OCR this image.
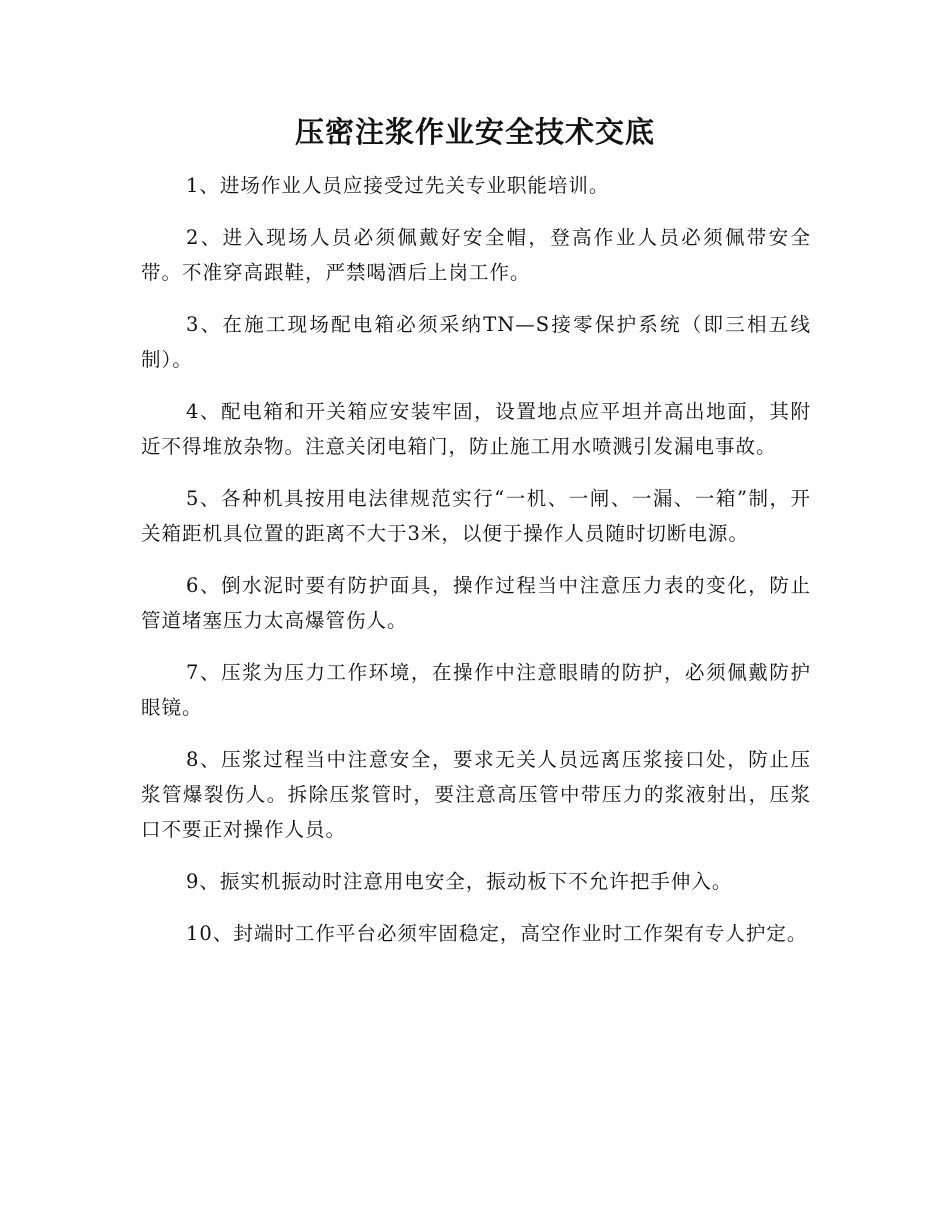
压密注浆作业安全技术交底

1、进场作业人员应接受过先关专业职能培训。

2、进入现场人员必须佩戴好安全帽，登高作业人员必须佩带安全带。不准穿高跟鞋，严禁喝酒后上岗工作。

3、在施工现场配电箱必须采纳TN—S接零保护系统（即三相五线制）。

4、配电箱和开关箱应安装牢固，设置地点应平坦并高出地面，其附近不得堆放杂物。注意关闭电箱门，防止施工用水喷溅引发漏电事故。

5、各种机具按用电法律规范实行“一机、一闸、一漏、一箱”制，开关箱距机具位置的距离不大于3米，以便于操作人员随时切断电源。

6、倒水泥时要有防护面具，操作过程当中注意压力表的变化，防止管道堵塞压力太高爆管伤人。

7、压浆为压力工作环境，在操作中注意眼睛的防护，必须佩戴防护眼镜。

8、压浆过程当中注意安全，要求无关人员远离压浆接口处，防止压浆管爆裂伤人。拆除压浆管时，要注意高压管中带压力的浆液射出，压浆口不要正对操作人员。

9、振实机振动时注意用电安全，振动板下不允许把手伸入。

10、封端时工作平台必须牢固稳定，高空作业时工作架有专人护定。
